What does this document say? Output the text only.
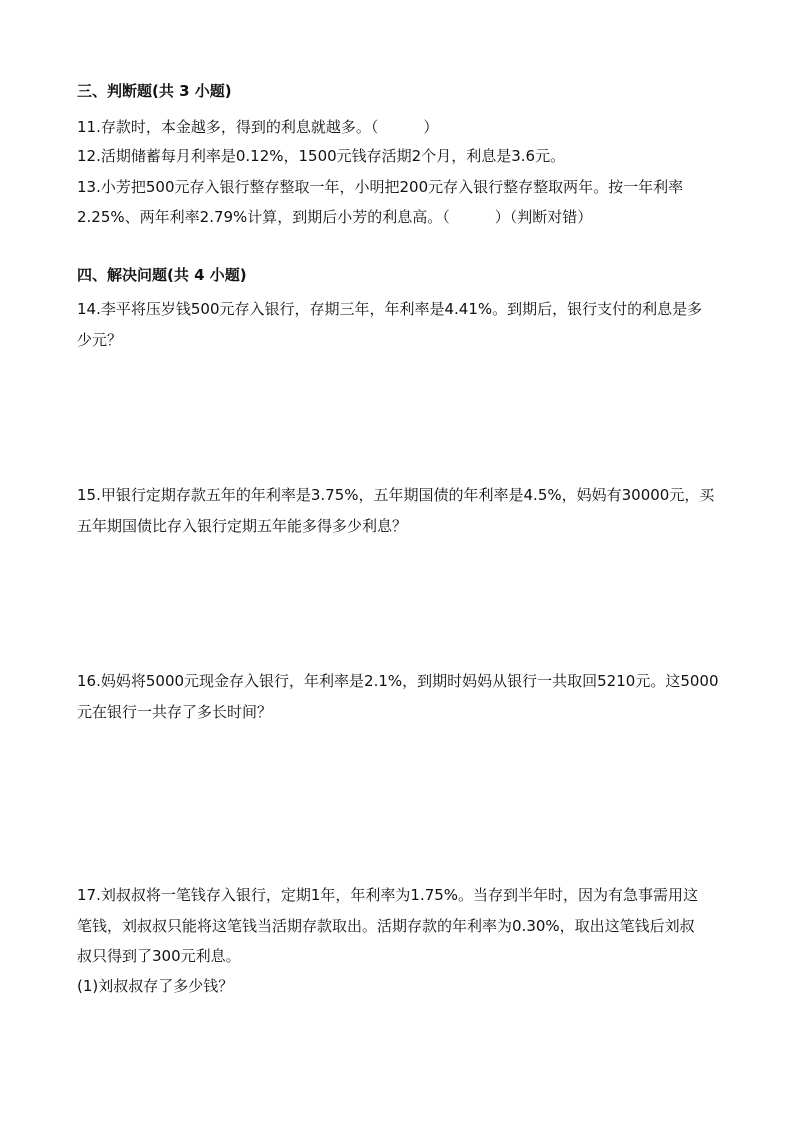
三、判断题(共 3 小题)
11.存款时，本金越多，得到的利息就越多。（　　　）
12.活期储蓄每月利率是0.12%，1500元钱存活期2个月，利息是3.6元。
13.小芳把500元存入银行整存整取一年，小明把200元存入银行整存整取两年。按一年利率
2.25%、两年利率2.79%计算，到期后小芳的利息高。（　　　）（判断对错）
四、解决问题(共 4 小题)
14.李平将压岁钱500元存入银行，存期三年，年利率是4.41%。到期后，银行支付的利息是多
少元？
15.甲银行定期存款五年的年利率是3.75%，五年期国债的年利率是4.5%，妈妈有30000元，买
五年期国债比存入银行定期五年能多得多少利息？
16.妈妈将5000元现金存入银行，年利率是2.1%，到期时妈妈从银行一共取回5210元。这5000
元在银行一共存了多长时间？
17.刘叔叔将一笔钱存入银行，定期1年，年利率为1.75%。当存到半年时，因为有急事需用这
笔钱，刘叔叔只能将这笔钱当活期存款取出。活期存款的年利率为0.30%，取出这笔钱后刘叔
叔只得到了300元利息。
(1)刘叔叔存了多少钱？
